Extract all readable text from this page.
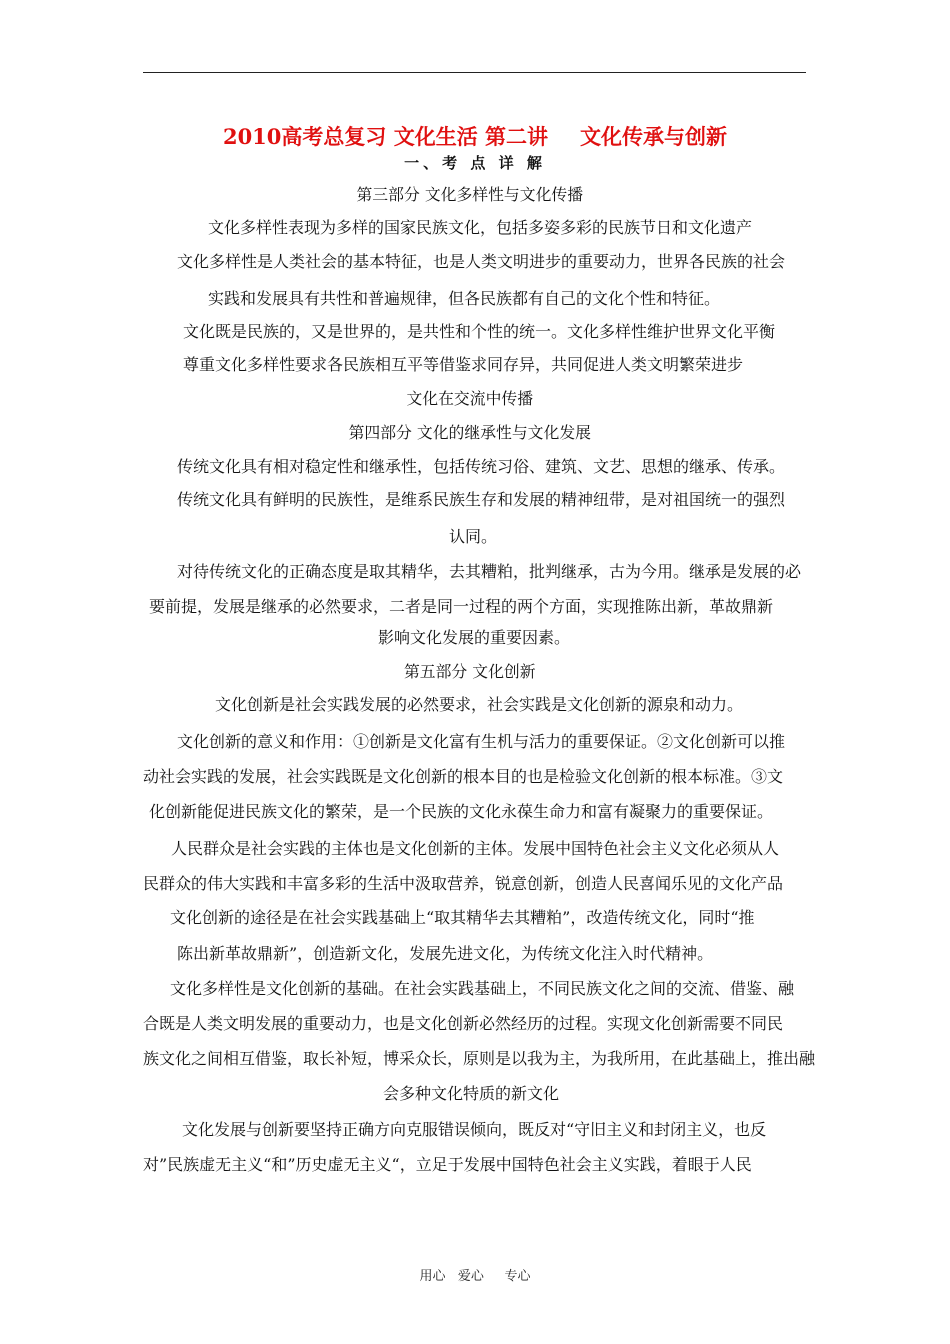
2010高考总复习 文化生活 第二讲 文化传承与创新
一、考 点 详 解
第三部分 文化多样性与文化传播
文化多样性表现为多样的国家民族文化，包括多姿多彩的民族节日和文化遗产
文化多样性是人类社会的基本特征，也是人类文明进步的重要动力，世界各民族的社会
实践和发展具有共性和普遍规律，但各民族都有自己的文化个性和特征。
文化既是民族的，又是世界的，是共性和个性的统一。文化多样性维护世界文化平衡
尊重文化多样性要求各民族相互平等借鉴求同存异，共同促进人类文明繁荣进步
文化在交流中传播
第四部分 文化的继承性与文化发展
传统文化具有相对稳定性和继承性，包括传统习俗、建筑、文艺、思想的继承、传承。
传统文化具有鲜明的民族性，是维系民族生存和发展的精神纽带，是对祖国统一的强烈
认同。
对待传统文化的正确态度是取其精华，去其糟粕，批判继承，古为今用。继承是发展的必
要前提，发展是继承的必然要求，二者是同一过程的两个方面，实现推陈出新，革故鼎新
影响文化发展的重要因素。
第五部分 文化创新
文化创新是社会实践发展的必然要求，社会实践是文化创新的源泉和动力。
文化创新的意义和作用：①创新是文化富有生机与活力的重要保证。②文化创新可以推
动社会实践的发展，社会实践既是文化创新的根本目的也是检验文化创新的根本标准。③文
化创新能促进民族文化的繁荣，是一个民族的文化永葆生命力和富有凝聚力的重要保证。
人民群众是社会实践的主体也是文化创新的主体。发展中国特色社会主义文化必须从人
民群众的伟大实践和丰富多彩的生活中汲取营养，锐意创新，创造人民喜闻乐见的文化产品
文化创新的途径是在社会实践基础上“取其精华去其糟粕”，改造传统文化，同时“推
陈出新革故鼎新”，创造新文化，发展先进文化，为传统文化注入时代精神。
文化多样性是文化创新的基础。在社会实践基础上，不同民族文化之间的交流、借鉴、融
合既是人类文明发展的重要动力，也是文化创新必然经历的过程。实现文化创新需要不同民
族文化之间相互借鉴，取长补短，博采众长，原则是以我为主，为我所用，在此基础上，推出融
会多种文化特质的新文化
文化发展与创新要坚持正确方向克服错误倾向，既反对“守旧主义和封闭主义，也反
对”民族虚无主义“和”历史虚无主义“，立足于发展中国特色社会主义实践，着眼于人民
用心   爱心     专心
